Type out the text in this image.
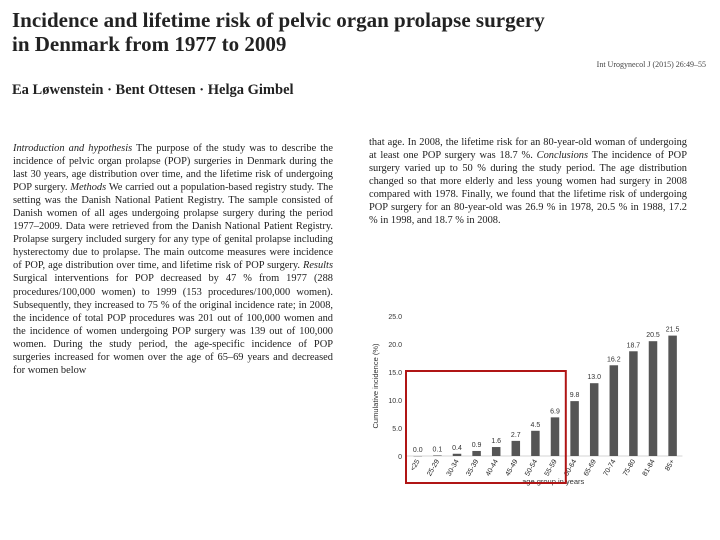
Incidence and lifetime risk of pelvic organ prolapse surgery
in Denmark from 1977 to 2009
Int Urogynecol J (2015) 26:49–55
Ea Løwenstein · Bent Ottesen · Helga Gimbel

Introduction and hypothesis The purpose of the study was to describe the incidence of pelvic organ prolapse (POP) surgeries in Denmark during the last 30 years, age distribution over time, and the lifetime risk of undergoing POP surgery. Methods We carried out a population-based registry study. The setting was the Danish National Patient Registry. The sample consisted of Danish women of all ages undergoing prolapse surgery during the period 1977–2009. Data were retrieved from the Danish National Patient Registry. Prolapse surgery included surgery for any type of genital prolapse including hysterectomy due to prolapse. The main outcome measures were incidence of POP, age distribution over time, and lifetime risk of POP surgery. Results Surgical interventions for POP decreased by 47 % from 1977 (288 procedures/100,000 women) to 1999 (153 procedures/100,000 women). Subsequently, they increased to 75 % of the original incidence rate; in 2008, the incidence of total POP procedures was 201 out of 100,000 women and the incidence of women undergoing POP surgery was 139 out of 100,000 women. During the study period, the age-specific incidence of POP surgeries increased for women over the age of 65–69 years and decreased for women below

that age. In 2008, the lifetime risk for an 80-year-old woman of undergoing at least one POP surgery was 18.7 %. Conclusions The incidence of POP surgery varied up to 50 % during the study period. The age distribution changed so that more elderly and less young women had surgery in 2008 compared with 1978. Finally, we found that the lifetime risk of undergoing POP surgery for an 80-year-old was 26.9 % in 1978, 20.5 % in 1988, 17.2 % in 1998, and 18.7 % in 2008.

0
5.0
10.0
15.0
20.0
25.0
Cumulative incidence (%)
0.0
<25
0.1
25-29
0.4
30-34
0.9
35-39
1.6
40-44
2.7
45-49
4.5
50-54
6.9
55-59
9.8
60-64
13.0
65-69
16.2
70-74
18.7
75-80
20.5
81-84
21.5
85+
age group in years
